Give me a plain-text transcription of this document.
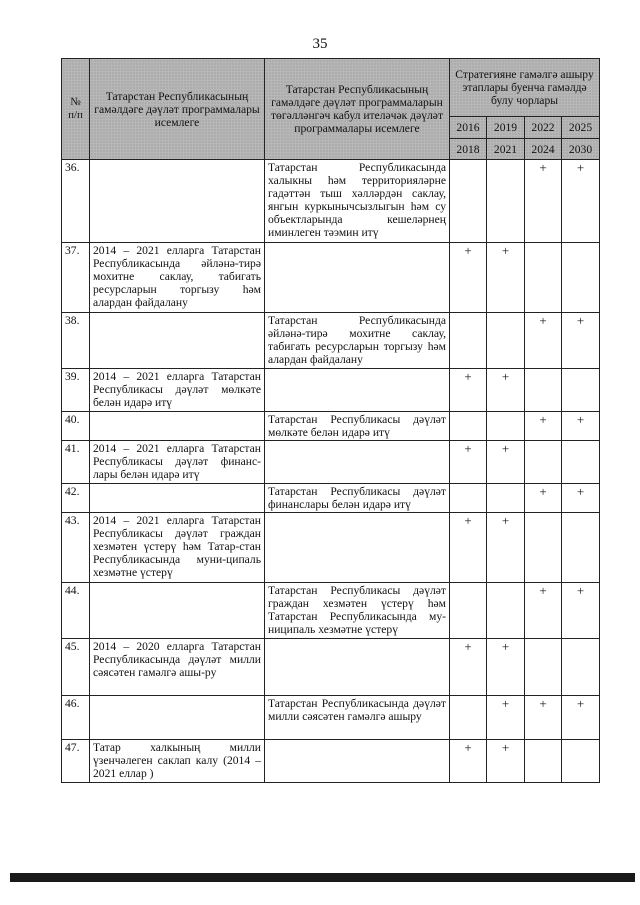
35
№ п/п	Татарстан Республикасының гамәлдәге дәүләт программалары исемлеге	Татарстан Республикасының гамәлдәге дәүләт программаларын төгәлләнгәч кабул ителәчәк дәүләт программалары исемлеге	Стратегияне гамәлгә ашыру этаплары буенча гамәлдә булу чорлары			
			2016	2019	2022	2025
			2018	2021	2024	2030
36.		Татарстан Республикасында халыкны һәм территорияләрне гадәттән тыш хәлләрдән саклау, янгын куркынычсызлыгын һәм су объектларында кешеләрнең иминлеген тәэмин итү			+	+
37.	2014 – 2021 елларга Татарстан Республикасында әйләнә-тирә мохитне саклау, табигать ресурсларын торгызу һәм алардан файдалану		+	+		
38.		Татарстан Республикасында әйләнә-тирә мохитне саклау, табигать ресурсларын торгызу һәм алардан файдалану			+	+
39.	2014 – 2021 елларга Татарстан Республикасы дәүләт мөлкәте белән идарә итү		+	+		
40.		Татарстан Республикасы дәүләт мөлкәте белән идарә итү			+	+
41.	2014 – 2021 елларга Татарстан Республикасы дәүләт финанс-лары белән идарә итү		+	+		
42.		Татарстан Республикасы дәүләт финанслары белән идарә итү			+	+
43.	2014 – 2021 елларга Татарстан Республикасы дәүләт граждан хезмәтен үстерү һәм Татар-стан Республикасында муни-ципаль хезмәтне үстерү		+	+		
44.		Татарстан Республикасы дәүләт граждан хезмәтен үстерү һәм Татарстан Республикасында му-ниципаль хезмәтне үстерү			+	+
45.	2014 – 2020 елларга Татарстан Республикасында дәүләт милли сәясәтен гамәлгә ашы-ру		+	+		
46.		Татарстан Республикасында дәүләт милли сәясәтен гамәлгә ашыру		+	+	+
47.	Татар халкының милли үзенчәлеген саклап калу (2014 – 2021 еллар )		+	+		
